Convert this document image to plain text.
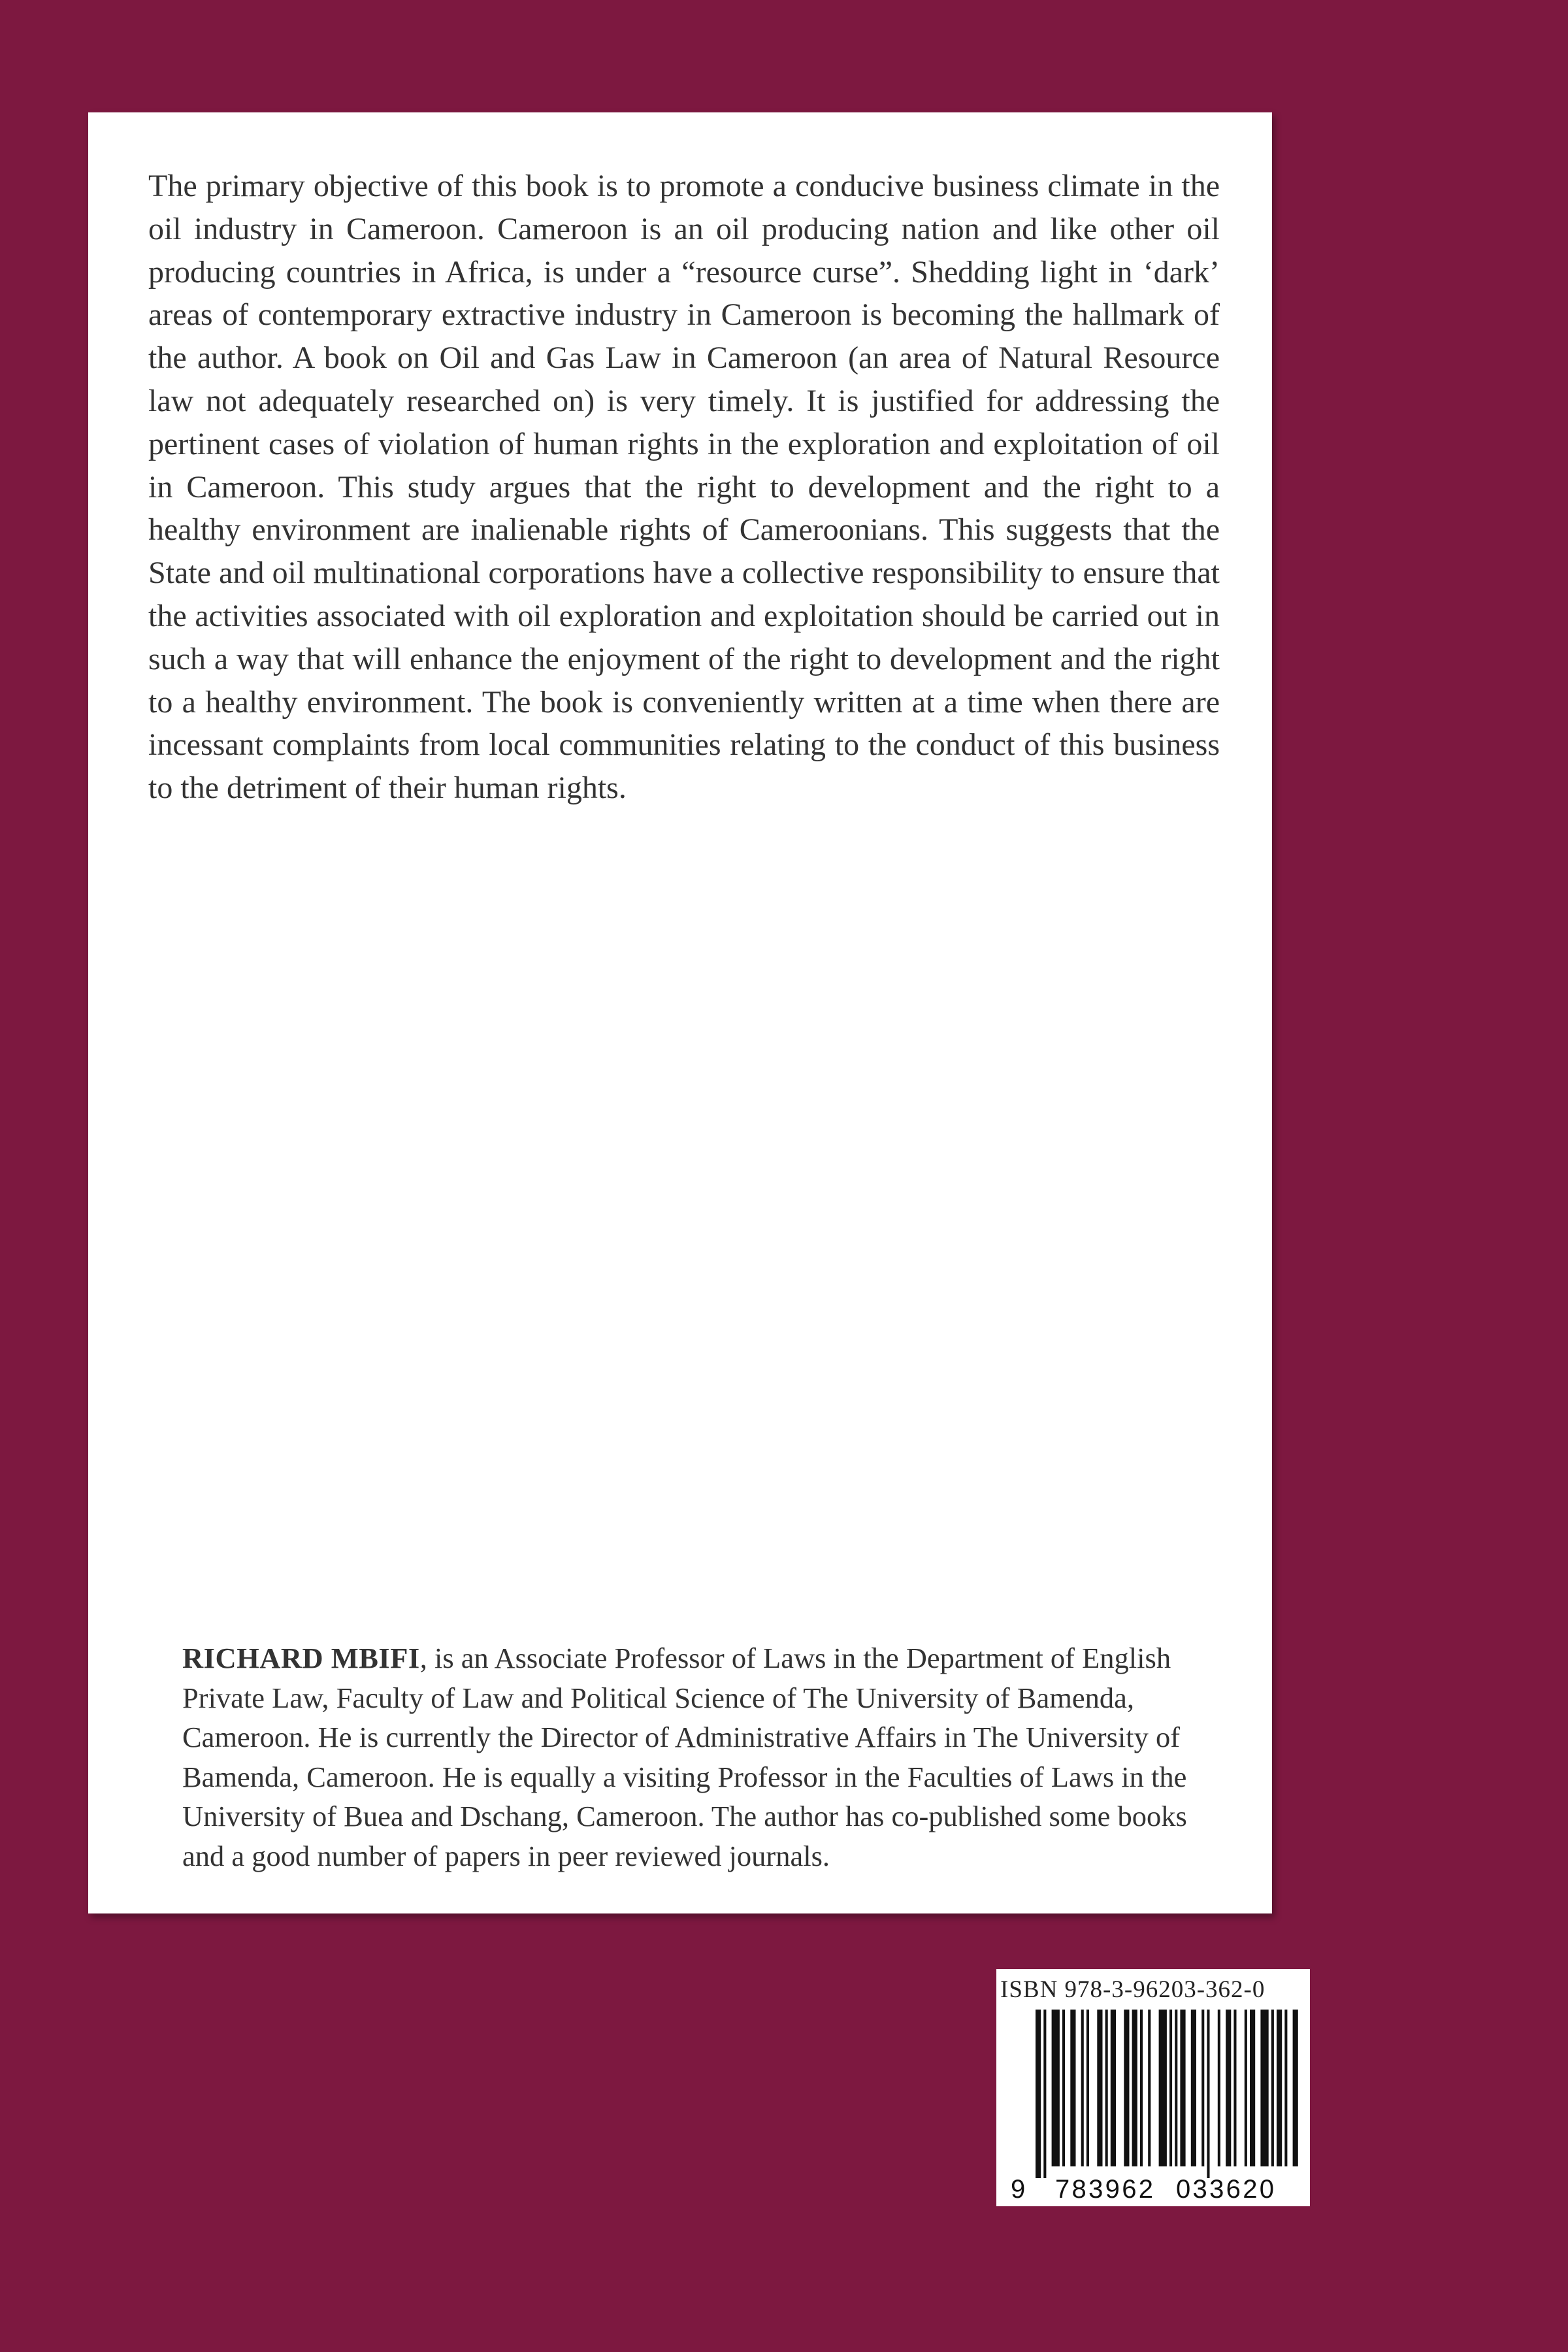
The primary objective of this book is to promote a conducive business climate in the oil industry in Cameroon. Cameroon is an oil producing nation and like other oil producing countries in Africa, is under a “resource curse”. Shedding light in ‘dark’ areas of contemporary extractive industry in Cameroon is becoming the hallmark of the author. A book on Oil and Gas Law in Cameroon (an area of Natural Resource law not adequately researched on) is very timely. It is justified for addressing the pertinent cases of violation of human rights in the exploration and exploitation of oil in Cameroon. This study argues that the right to development and the right to a healthy environment are inalienable rights of Cameroonians. This suggests that the State and oil multinational corporations have a collective responsibility to ensure that the activities associated with oil exploration and exploitation should be carried out in such a way that will enhance the enjoyment of the right to development and the right to a healthy environment. The book is conveniently written at a time when there are incessant complaints from local communities relating to the conduct of this business to the detriment of their human rights.

RICHARD MBIFI, is an Associate Professor of Laws in the Department of English Private Law, Faculty of Law and Political Science of The University of Bamenda, Cameroon. He is currently the Director of Administrative Affairs in The University of Bamenda, Cameroon. He is equally a visiting Professor in the Faculties of Laws in the University of Buea and Dschang, Cameroon. The author has co-published some books and a good number of papers in peer reviewed journals.

ISBN 978-3-96203-362-0
9 783962 033620
